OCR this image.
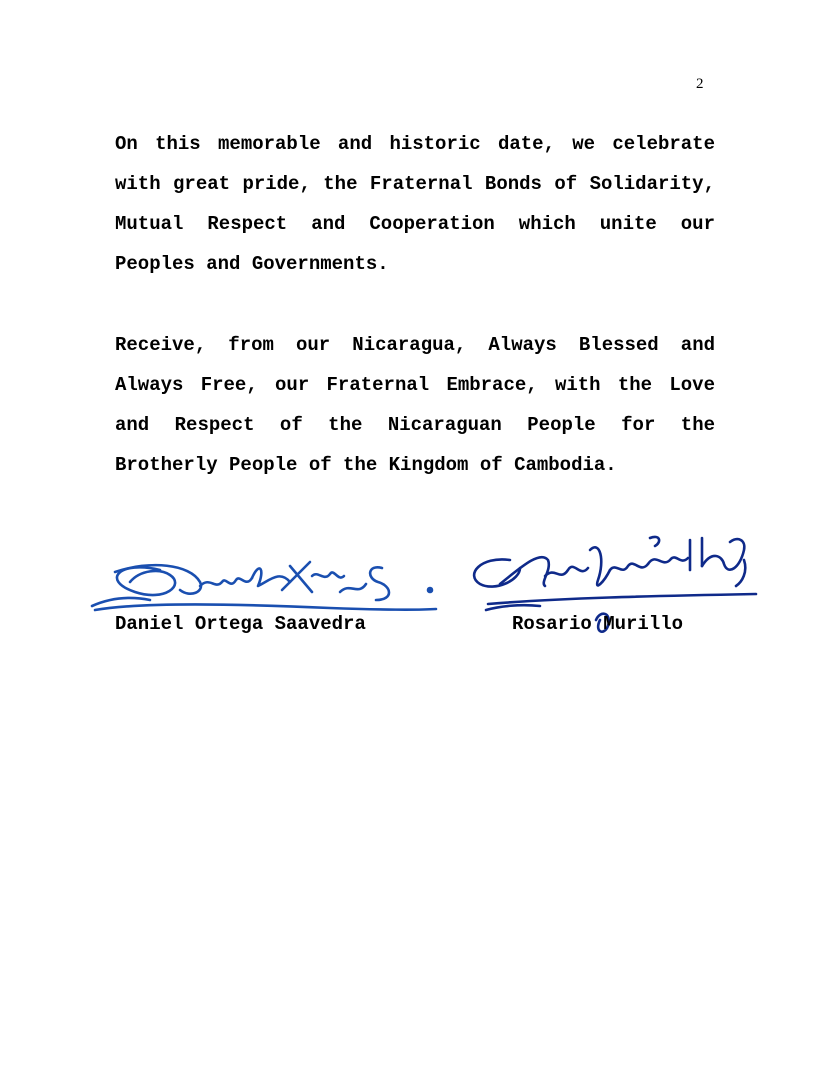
2

On this memorable and historic date, we celebrate with great pride, the Fraternal Bonds of Solidarity, Mutual Respect and Cooperation which unite our Peoples and Governments.

Receive, from our Nicaragua, Always Blessed and Always Free, our Fraternal Embrace, with the Love and Respect of the Nicaraguan People for the Brotherly People of the Kingdom of Cambodia.

Daniel Ortega Saavedra	Rosario Murillo
